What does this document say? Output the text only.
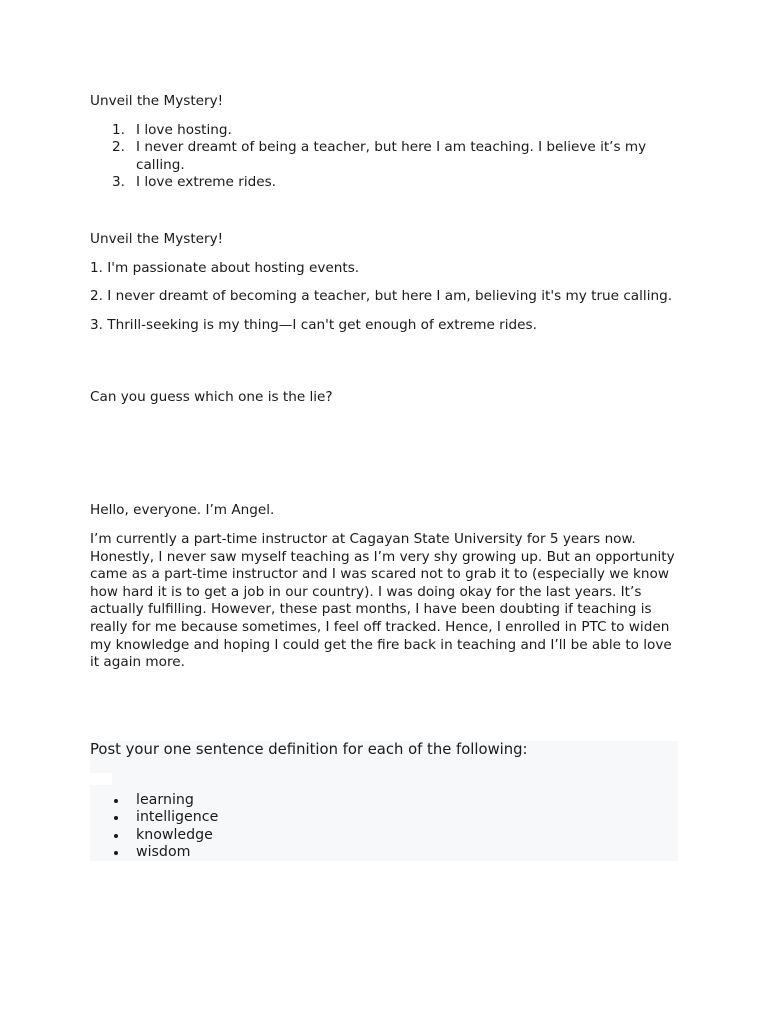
Unveil the Mystery!

1. I love hosting.
2. I never dreamt of being a teacher, but here I am teaching. I believe it’s my calling.
3. I love extreme rides.

Unveil the Mystery!

1. I'm passionate about hosting events.

2. I never dreamt of becoming a teacher, but here I am, believing it's my true calling.

3. Thrill-seeking is my thing—I can't get enough of extreme rides.

Can you guess which one is the lie?

Hello, everyone. I’m Angel.

I’m currently a part-time instructor at Cagayan State University for 5 years now. Honestly, I never saw myself teaching as I’m very shy growing up. But an opportunity came as a part-time instructor and I was scared not to grab it to (especially we know how hard it is to get a job in our country). I was doing okay for the last years. It’s actually fulfilling. However, these past months, I have been doubting if teaching is really for me because sometimes, I feel off tracked. Hence, I enrolled in PTC to widen my knowledge and hoping I could get the fire back in teaching and I’ll be able to love it again more.

Post your one sentence definition for each of the following:

learning
intelligence
knowledge
wisdom
